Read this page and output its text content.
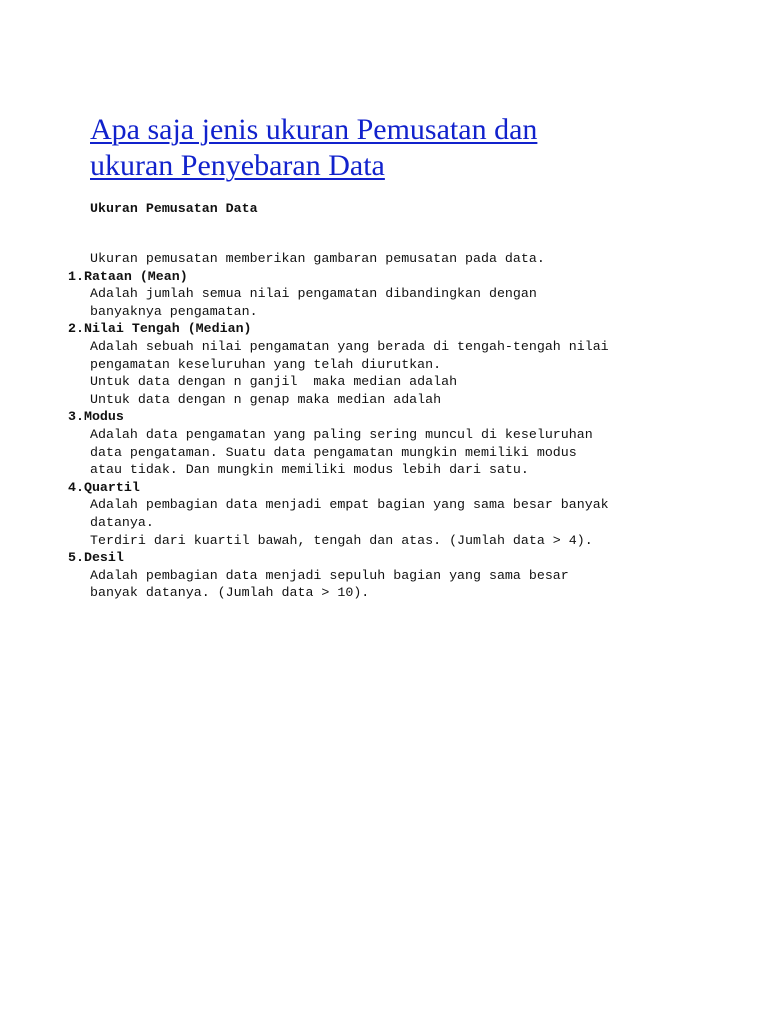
Apa saja jenis ukuran Pemusatan dan
ukuran Penyebaran Data

Ukuran Pemusatan Data

Ukuran pemusatan memberikan gambaran pemusatan pada data.
1.Rataan (Mean)
Adalah jumlah semua nilai pengamatan dibandingkan dengan
banyaknya pengamatan.
2.Nilai Tengah (Median)
Adalah sebuah nilai pengamatan yang berada di tengah-tengah nilai
pengamatan keseluruhan yang telah diurutkan.
Untuk data dengan n ganjil  maka median adalah
Untuk data dengan n genap maka median adalah
3.Modus
Adalah data pengamatan yang paling sering muncul di keseluruhan
data pengataman. Suatu data pengamatan mungkin memiliki modus
atau tidak. Dan mungkin memiliki modus lebih dari satu.
4.Quartil
Adalah pembagian data menjadi empat bagian yang sama besar banyak
datanya.
Terdiri dari kuartil bawah, tengah dan atas. (Jumlah data > 4).
5.Desil
Adalah pembagian data menjadi sepuluh bagian yang sama besar
banyak datanya. (Jumlah data > 10).
